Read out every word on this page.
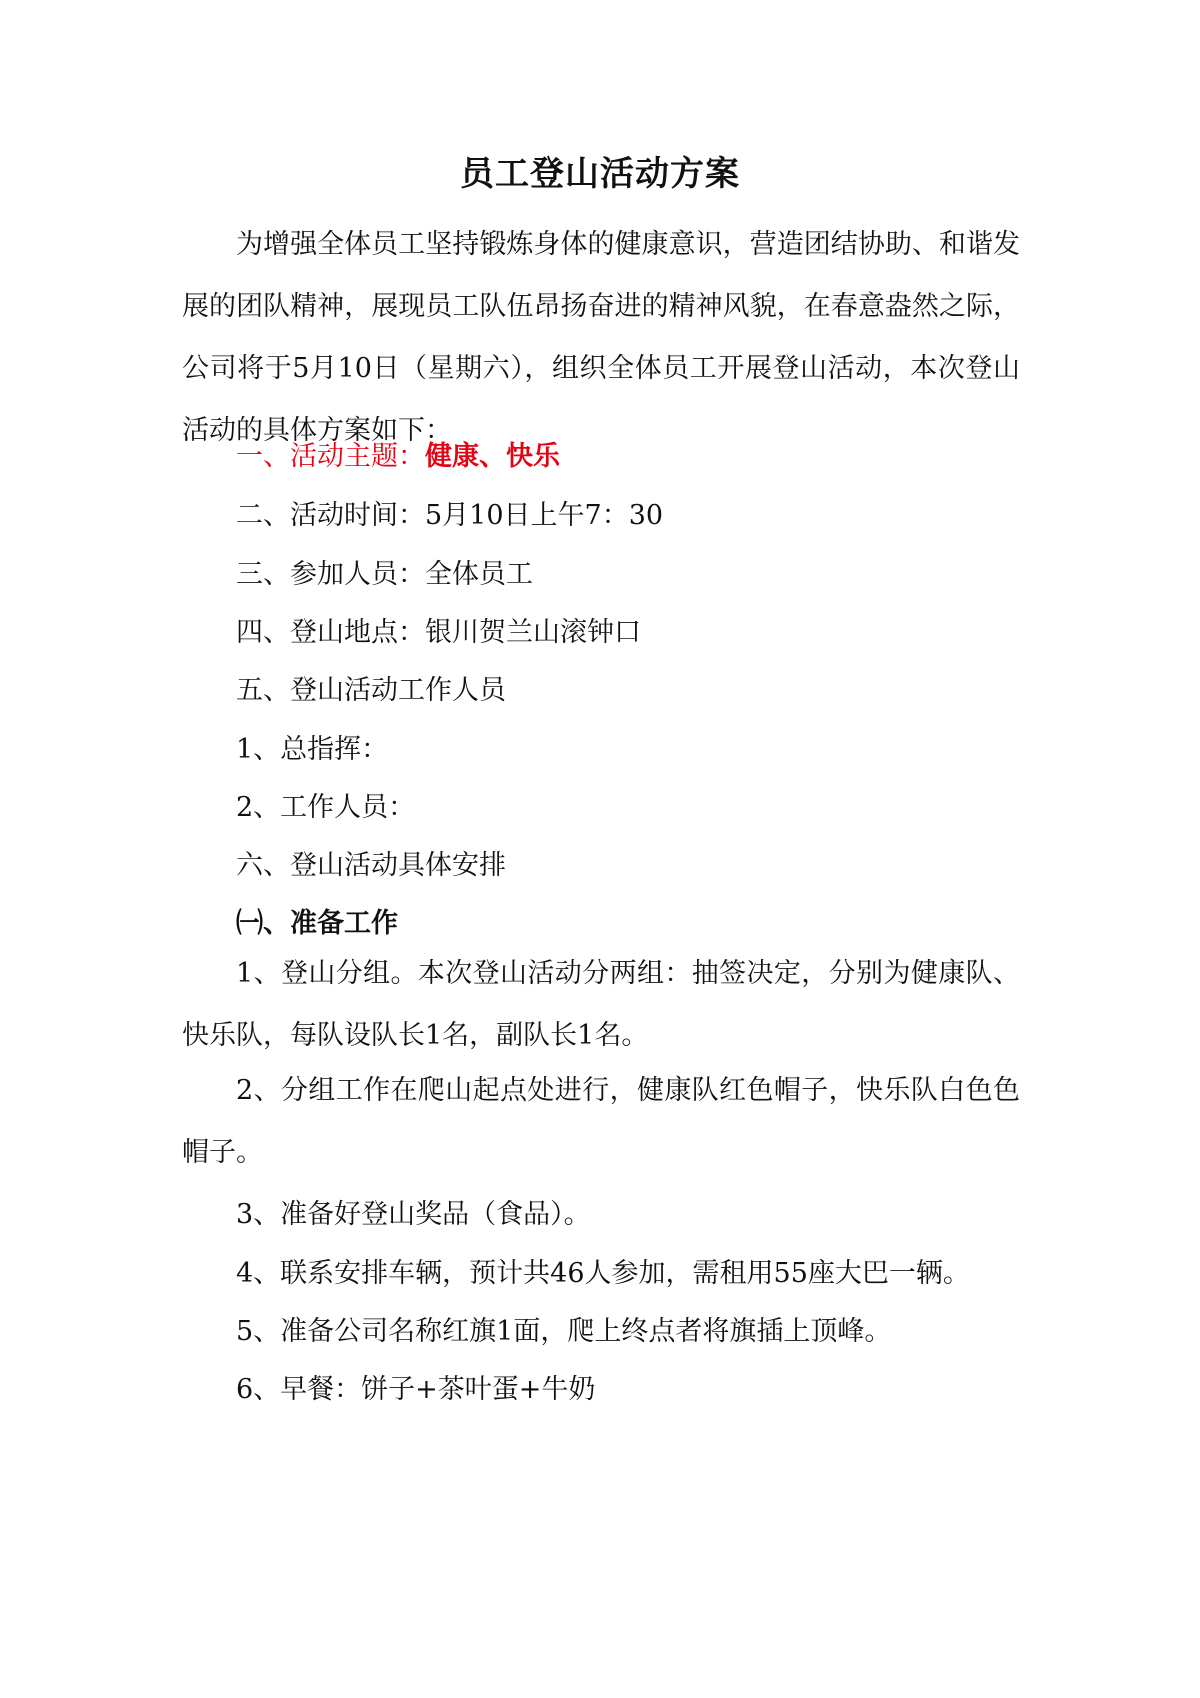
员工登山活动方案

为增强全体员工坚持锻炼身体的健康意识，营造团结协助、和谐发展的团队精神，展现员工队伍昂扬奋进的精神风貌，在春意盎然之际，公司将于5月10日（星期六），组织全体员工开展登山活动，本次登山活动的具体方案如下：

一、活动主题：健康、快乐
二、活动时间：5月10日上午7：30
三、参加人员：全体员工
四、登山地点：银川贺兰山滚钟口
五、登山活动工作人员
1、总指挥：
2、工作人员：
六、登山活动具体安排
㈠、准备工作

1、登山分组。本次登山活动分两组：抽签决定，分别为健康队、快乐队，每队设队长1名，副队长1名。

2、分组工作在爬山起点处进行，健康队红色帽子，快乐队白色色帽子。

3、准备好登山奖品（食品）。
4、联系安排车辆，预计共46人参加，需租用55座大巴一辆。
5、准备公司名称红旗1面，爬上终点者将旗插上顶峰。
6、早餐：饼子+茶叶蛋+牛奶
